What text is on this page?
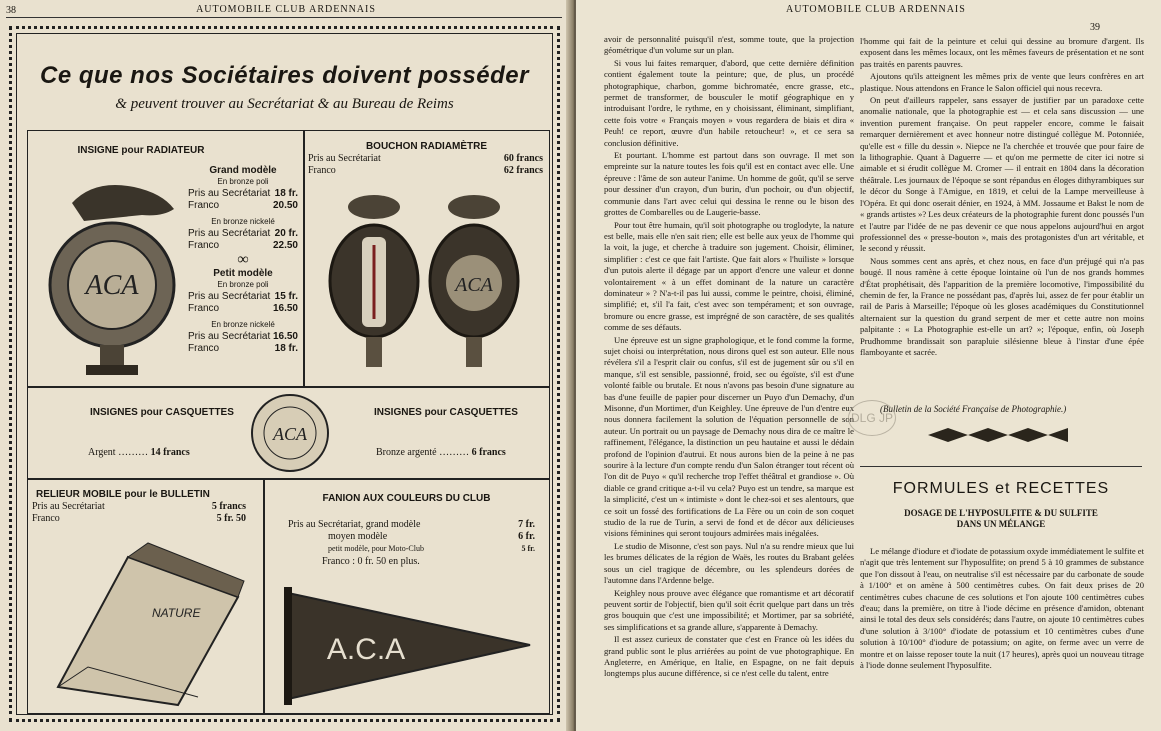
38	AUTOMOBILE CLUB ARDENNAIS
Ce que nos Sociétaires doivent posséder
& peuvent trouver au Secrétariat & au Bureau de Reims
INSIGNE pour RADIATEUR
ACA
Grand modèle
En bronze poli
Pris au Secrétariat 18 fr.
Franco	20.50
En bronze nickelé
Pris au Secrétariat 20 fr.
Franco	22.50
∞
Petit modèle
En bronze poli
Pris au Secrétariat 15 fr.
Franco	16.50
En bronze nickelé
Pris au Secrétariat 16.50
Franco	18 fr.
BOUCHON RADIAMÈTRE
Pris au Secrétariat	60 francs
Franco	62 francs
ACA
INSIGNES pour CASQUETTES
Argent ……… 14 francs
ACA
INSIGNES pour CASQUETTES
Bronze argenté ……… 6 francs
RELIEUR MOBILE pour le BULLETIN
Pris au Secrétariat	5 francs
Franco	5 fr. 50
NATURE
FANION AUX COULEURS DU CLUB
Pris au Secrétariat, grand modèle	7 fr.
moyen modèle	6 fr.
petit modèle, pour Moto-Club	5 fr.
Franco : 0 fr. 50 en plus.
A.C.A
AUTOMOBILE CLUB ARDENNAIS
39

avoir de personnalité puisqu'il n'est, somme toute, que la projection géométrique d'un volume sur un plan.

Si vous lui faites remarquer, d'abord, que cette dernière définition contient également toute la peinture; que, de plus, un procédé photographique, charbon, gomme bichromatée, encre grasse, etc., permet de transformer, de bousculer le motif géographique en y introduisant l'ordre, le rythme, en y choisissant, éliminant, simplifiant, cette fois votre « Français moyen » vous regardera de biais et dira « Peuh! ce report, œuvre d'un habile retoucheur! », et ce sera sa conclusion définitive.

Et pourtant. L'homme est partout dans son ouvrage. Il met son empreinte sur la nature toutes les fois qu'il est en contact avec elle. Une épreuve : l'âme de son auteur l'anime. Un homme de goût, qu'il se serve pour dessiner d'un crayon, d'un burin, d'un pochoir, ou d'un objectif, communie dans l'art avec celui qui dessina le renne ou le bison des grottes de Combarelles ou de Laugerie-basse.

Pour tout être humain, qu'il soit photographe ou troglodyte, la nature est belle, mais elle n'en sait rien; elle est belle aux yeux de l'homme qui la voit, la juge, et cherche à traduire son jugement. Choisir, éliminer, simplifier : c'est ce que fait l'artiste. Que fait alors « l'huiliste » lorsque d'un putois alerte il dégage par un apport d'encre une valeur et donne volontairement « à un effet dominant de la nature un caractère dominateur » ? N'a-t-il pas lui aussi, comme le peintre, choisi, éliminé, simplifié; et, s'il l'a fait, c'est avec son tempérament; et son ouvrage, bromure ou encre grasse, est imprégné de son caractère, de ses qualités comme de ses défauts.

Une épreuve est un signe graphologique, et le fond comme la forme, sujet choisi ou interprétation, nous dirons quel est son auteur. Elle nous révélera s'il a l'esprit clair ou confus, s'il est de jugement sûr ou s'il en manque, s'il est sensible, passionné, froid, sec ou égoïste, s'il est d'une volonté faible ou brutale. Et nous n'avons pas besoin d'une signature au bas d'une feuille de papier pour discerner un Puyo d'un Demachy, d'un Misonne, d'un Mortimer, d'un Keighley. Une épreuve de l'un d'entre eux nous donnera facilement la solution de l'équation personnelle de son auteur. Un portrait ou un paysage de Demachy nous dira de ce maître le raffinement, l'élégance, la distinction un peu hautaine et aussi le dédain profond de l'opinion d'autrui. Et nous aurons bien de la peine à ne pas sourire à la lecture d'un compte rendu d'un Salon étranger tout récent où l'on dit de Puyo « qu'il recherche trop l'effet théâtral et grandiose ». Où diable ce grand critique a-t-il vu cela? Puyo est un tendre, sa marque est la simplicité, c'est un « intimiste » dont le chez-soi et ses alentours, que ce soit un fossé des fortifications de La Fère ou un coin de son coquet studio de la rue de Turin, a servi de fond et de décor aux délicieuses visions féminines qui seront toujours admirées mais inégalées.

Le studio de Misonne, c'est son pays. Nul n'a su rendre mieux que lui les brumes délicates de la région de Waës, les routes du Brabant gelées sous un ciel tragique de décembre, ou les splendeurs dorées de l'automne dans l'Ardenne belge.

Keighley nous prouve avec élégance que romantisme et art décoratif peuvent sortir de l'objectif, bien qu'il soit écrit quelque part dans un très gros bouquin que c'est une impossibilité; et Mortimer, par sa sobriété, ses simplifications et sa grande allure, s'apparente à Demachy.

Il est assez curieux de constater que c'est en France où les idées du grand public sont le plus arriérées au point de vue photographique. En Angleterre, en Amérique, en Italie, en Espagne, on ne fait depuis longtemps plus aucune différence, si ce n'est celle du talent, entre

l'homme qui fait de la peinture et celui qui dessine au bromure d'argent. Ils exposent dans les mêmes locaux, ont les mêmes faveurs de présentation et ne sont pas traités en parents pauvres.

Ajoutons qu'ils atteignent les mêmes prix de vente que leurs confrères en art plastique. Nous attendons en France le Salon officiel qui nous recevra.

On peut d'ailleurs rappeler, sans essayer de justifier par un paradoxe cette anomalie nationale, que la photographie est — et cela sans discussion — une invention purement française. On peut rappeler encore, comme le faisait remarquer dernièrement et avec honneur notre distingué collègue M. Potonniée, qu'elle est « fille du dessin ». Niepce ne l'a cherchée et trouvée que pour faire de la lithographie. Quant à Daguerre — et qu'on me permette de citer ici notre si aimable et si érudit collègue M. Cromer — il entrait en 1804 dans la décoration théâtrale. Les journaux de l'époque se sont répandus en éloges dithyrambiques sur le décor du Songe à l'Amigue, en 1819, et celui de la Lampe merveilleuse à l'Opéra. Et qui donc oserait dénier, en 1924, à MM. Jossaume et Bakst le nom de « grands artistes »? Les deux créateurs de la photographie furent donc poussés l'un et l'autre par l'idée de ne pas devenir ce que nous appelons aujourd'hui en argot professionnel des « presse-bouton », mais des protagonistes d'un art véritable, et le second y réussit.

Nous sommes cent ans après, et chez nous, en face d'un préjugé qui n'a pas bougé. Il nous ramène à cette époque lointaine où l'un de nos grands hommes d'État prophétisait, dès l'apparition de la première locomotive, l'impossibilité du chemin de fer, la France ne possédant pas, d'après lui, assez de fer pour établir un rail de Paris à Marseille; l'époque où les gloses académiques du Constitutionnel alternaient sur la question du grand serpent de mer et cette autre non moins palpitante : « La Photographie est-elle un art? »; l'époque, enfin, où Joseph Prudhomme brandissait son parapluie silésienne bleue à l'instar d'une épée flamboyante et sacrée.

(Bulletin de la Société Française de Photographie.)
DLG JP
FORMULES et RECETTES
DOSAGE DE L'HYPOSULFITE & DU SULFITE
DANS UN MÉLANGE

Le mélange d'iodure et d'iodate de potassium oxyde immédiatement le sulfite et n'agit que très lentement sur l'hyposulfite; on prend 5 à 10 grammes de substance que l'on dissout à l'eau, on neutralise s'il est nécessaire par du carbonate de soude à 1/100° et on amène à 500 centimètres cubes. On fait deux prises de 20 centimètres cubes chacune de ces solutions et l'on ajoute 100 centimètres cubes d'eau; dans la première, on titre à l'iode décime en présence d'amidon, obtenant ainsi le total des deux sels considérés; dans l'autre, on ajoute 10 centimètres cubes d'une solution à 3/100° d'iodate de potassium et 10 centimètres cubes d'une solution à 10/100° d'iodure de potassium; on agite, on ferme avec un verre de montre et on laisse reposer toute la nuit (17 heures), après quoi un nouveau titrage à l'iode donne seulement l'hyposulfite.
